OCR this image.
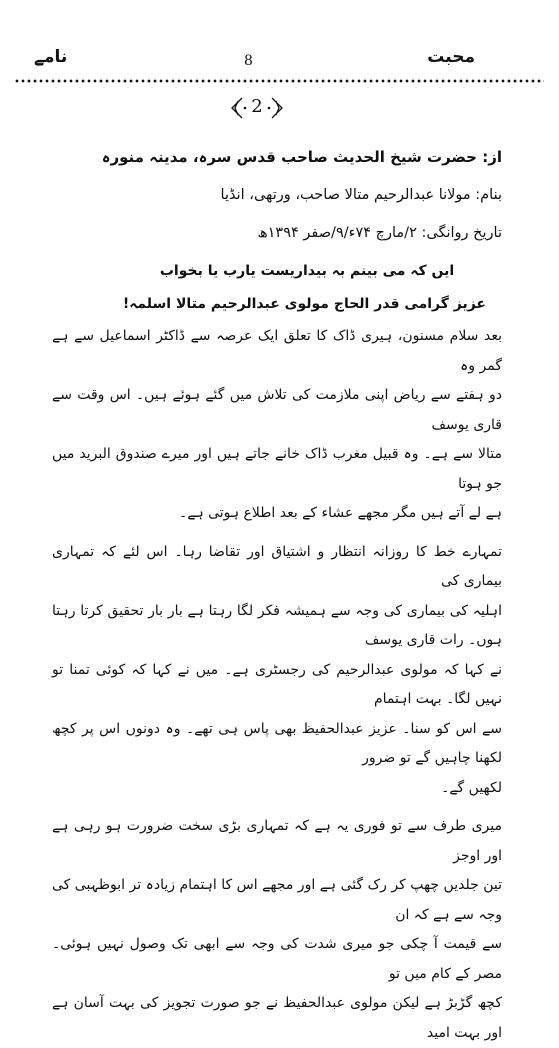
محبت
8
نامے
2
از: حضرت شیخ الحدیث صاحب قدس سرہ، مدینہ منورہ
بنام: مولانا عبدالرحیم متالا صاحب، ورتھی، انڈیا
تاریخ روانگی: ۲/مارچ ۷۴ء/۹/صفر ۱۳۹۴ھ
ایں کہ می بینم بہ بیداریست یارب یا بخواب
عزیز گرامی قدر الحاج مولوی عبدالرحیم متالا اسلمہ!

بعد سلام مسنون، ہیری ڈاک کا تعلق ایک عرصہ سے ڈاکٹر اسماعیل سے ہے گمر وہ
دو ہفتے سے ریاض اپنی ملازمت کی تلاش میں گئے ہوئے ہیں۔ اس وقت سے قاری یوسف
متالا سے ہے۔ وہ قبیل مغرب ڈاک خانے جاتے ہیں اور میرے صندوق البرید میں جو ہوتا
ہے لے آتے ہیں مگر مجھے عشاء کے بعد اطلاع ہوتی ہے۔

تمہارے خط کا روزانہ انتظار و اشتیاق اور تقاضا رہا۔ اس لئے کہ تمہاری بیماری کی
اہلیہ کی بیماری کی وجہ سے ہمیشہ فکر لگا رہتا ہے بار بار تحقیق کرتا رہتا ہوں۔ رات قاری یوسف
نے کہا کہ مولوی عبدالرحیم کی رجسٹری ہے۔ میں نے کہا کہ کوئی تمنا تو نہیں لگا۔ بہت اہتمام
سے اس کو سنا۔ عزیز عبدالحفیظ بھی پاس ہی تھے۔ وہ دونوں اس پر کچھ لکھنا چاہیں گے تو ضرور
لکھیں گے۔

میری طرف سے تو فوری یہ ہے کہ تمہاری بڑی سخت ضرورت ہو رہی ہے اور اوجز
تین جلدیں چھپ کر رک گئی ہے اور مجھے اس کا اہتمام زیادہ تر ابوظہبی کی وجہ سے ہے کہ ان
سے قیمت آ چکی جو میری شدت کی وجہ سے ابھی تک وصول نہیں ہوئی۔ مصر کے کام میں تو
کچھ گڑبڑ ہے لیکن مولوی عبدالحفیظ نے جو صورت تجویز کی بہت آسان ہے اور بہت امید
